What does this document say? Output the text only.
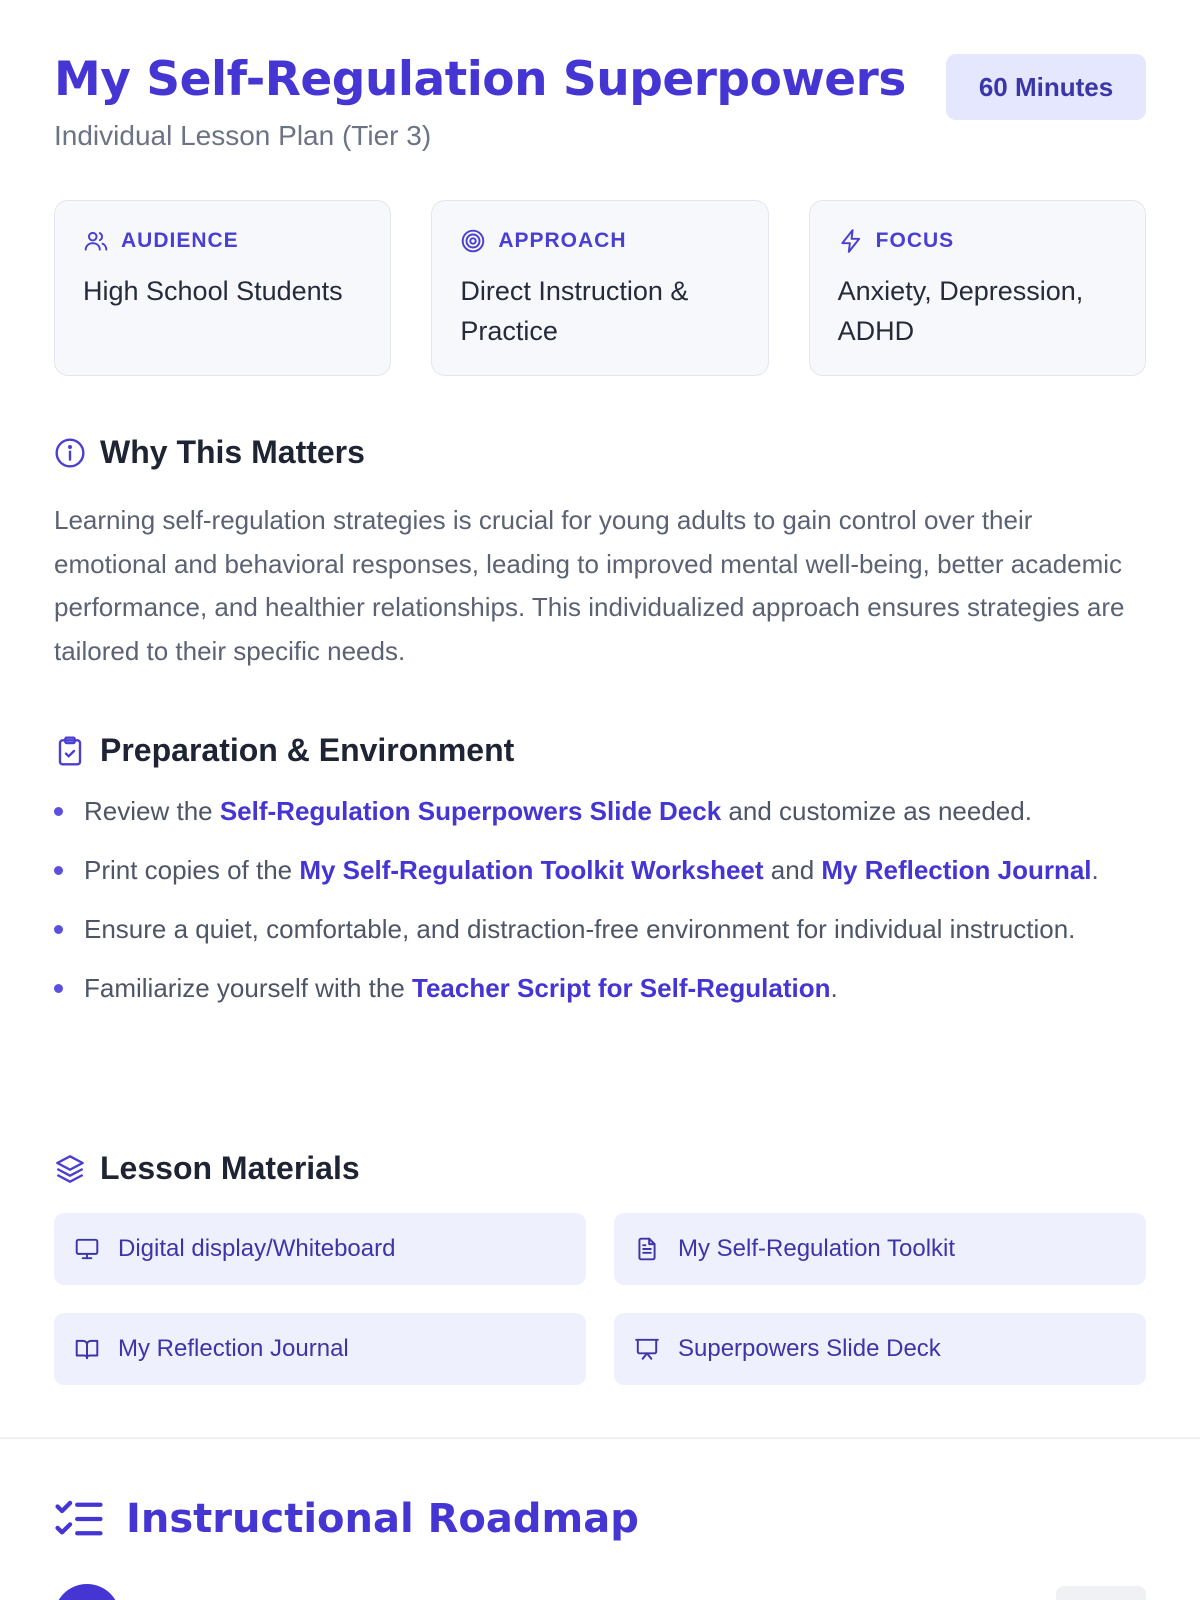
My Self-Regulation Superpowers
Individual Lesson Plan (Tier 3)
60 Minutes
AUDIENCE
High School Students
APPROACH
Direct Instruction & Practice
FOCUS
Anxiety, Depression, ADHD
Why This Matters

Learning self-regulation strategies is crucial for young adults to gain control over their emotional and behavioral responses, leading to improved mental well-being, better academic performance, and healthier relationships. This individualized approach ensures strategies are tailored to their specific needs.

Preparation & Environment
Review the Self-Regulation Superpowers Slide Deck and customize as needed.
Print copies of the My Self-Regulation Toolkit Worksheet and My Reflection Journal.
Ensure a quiet, comfortable, and distraction-free environment for individual instruction.
Familiarize yourself with the Teacher Script for Self-Regulation.
Lesson Materials
Digital display/Whiteboard	My Self-Regulation Toolkit
My Reflection Journal	Superpowers Slide Deck
Instructional Roadmap
